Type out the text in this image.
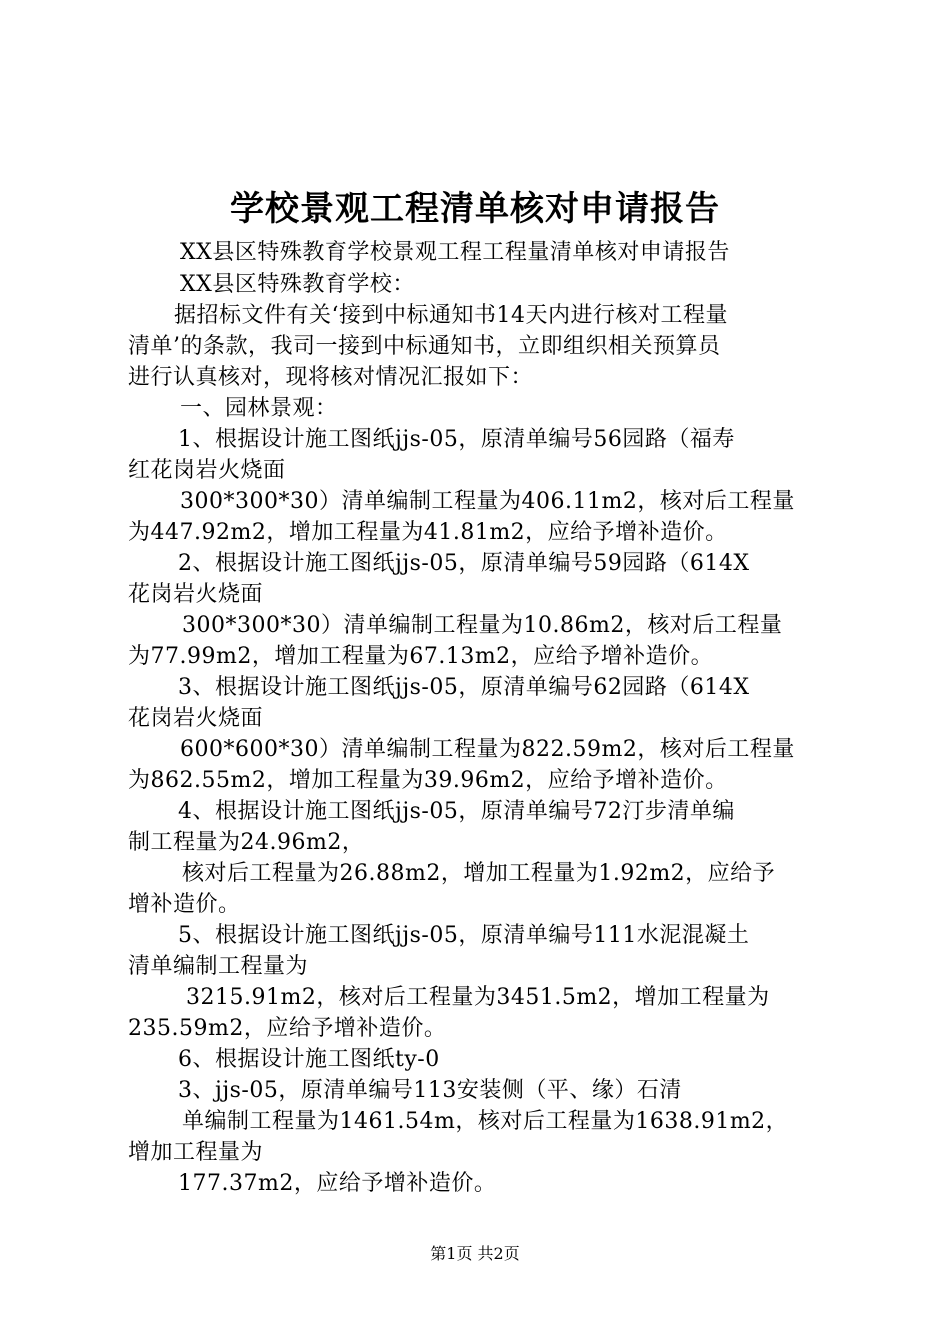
学校景观工程清单核对申请报告
XX县区特殊教育学校景观工程工程量清单核对申请报告
XX县区特殊教育学校：
据招标文件有关‘接到中标通知书14天内进行核对工程量
清单’的条款，我司一接到中标通知书，立即组织相关预算员
进行认真核对，现将核对情况汇报如下：
一、园林景观：
1、根据设计施工图纸jjs-05，原清单编号56园路（福寿
红花岗岩火烧面
300*300*30）清单编制工程量为406.11m2，核对后工程量
为447.92m2，增加工程量为41.81m2，应给予增补造价。
2、根据设计施工图纸jjs-05，原清单编号59园路（614X
花岗岩火烧面
300*300*30）清单编制工程量为10.86m2，核对后工程量
为77.99m2，增加工程量为67.13m2，应给予增补造价。
3、根据设计施工图纸jjs-05，原清单编号62园路（614X
花岗岩火烧面
600*600*30）清单编制工程量为822.59m2，核对后工程量
为862.55m2，增加工程量为39.96m2，应给予增补造价。
4、根据设计施工图纸jjs-05，原清单编号72汀步清单编
制工程量为24.96m2，
核对后工程量为26.88m2，增加工程量为1.92m2，应给予
增补造价。
5、根据设计施工图纸jjs-05，原清单编号111水泥混凝土
清单编制工程量为
3215.91m2，核对后工程量为3451.5m2，增加工程量为
235.59m2，应给予增补造价。
6、根据设计施工图纸ty-0
3、jjs-05，原清单编号113安装侧（平、缘）石清
单编制工程量为1461.54m，核对后工程量为1638.91m2，
增加工程量为
177.37m2，应给予增补造价。
第1页 共2页
